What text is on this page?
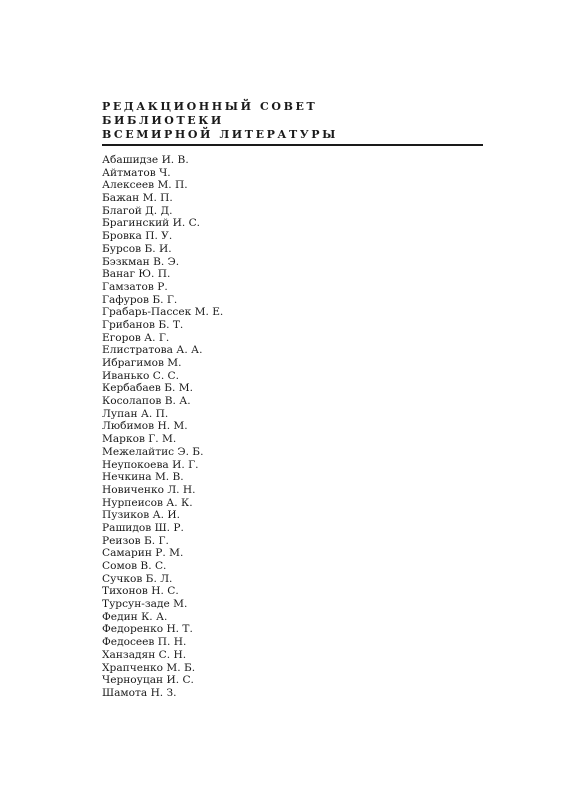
РЕДАКЦИОННЫЙ СОВЕТ
БИБЛИОТЕКИ
ВСЕМИРНОЙ ЛИТЕРАТУРЫ
Абашидзе И. В.
Айтматов Ч.
Алексеев М. П.
Бажан М. П.
Благой Д. Д.
Брагинский И. С.
Бровка П. У.
Бурсов Б. И.
Бэзкман В. Э.
Ванаг Ю. П.
Гамзатов Р.
Гафуров Б. Г.
Грабарь-Пассек М. Е.
Грибанов Б. Т.
Егоров А. Г.
Елистратова А. А.
Ибрагимов М.
Иванько С. С.
Кербабаев Б. М.
Косолапов В. А.
Лупан А. П.
Любимов Н. М.
Марков Г. М.
Межелайтис Э. Б.
Неупокоева И. Г.
Нечкина М. В.
Новиченко Л. Н.
Нурпеисов А. К.
Пузиков А. И.
Рашидов Ш. Р.
Реизов Б. Г.
Самарин Р. М.
Сомов В. С.
Сучков Б. Л.
Тихонов Н. С.
Турсун-заде М.
Федин К. А.
Федоренко Н. Т.
Федосеев П. Н.
Ханзадян С. Н.
Храпченко М. Б.
Черноуцан И. С.
Шамота Н. З.
